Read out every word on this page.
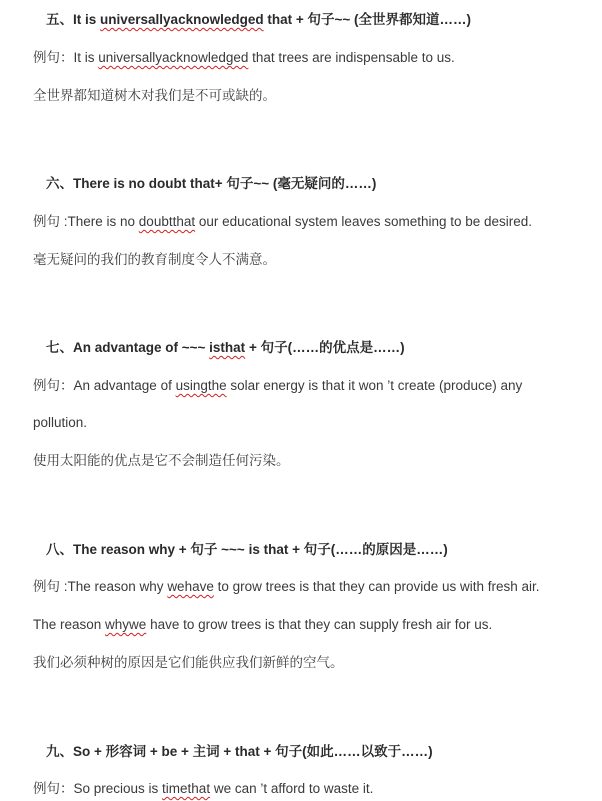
五、It is universallyacknowledged that + 句子~~ (全世界都知道……)
例句：It is universallyacknowledged that trees are indispensable to us.
全世界都知道树木对我们是不可或缺的。
六、There is no doubt that+ 句子~~ (毫无疑问的……)
例句 :There is no doubtthat our educational system leaves something to be desired.
毫无疑问的我们的教育制度令人不满意。
七、An advantage of ~~~ isthat + 句子(……的优点是……)
例句：An advantage of usingthe solar energy is that it won ’t create (produce) any
pollution.
使用太阳能的优点是它不会制造任何污染。
八、The reason why + 句子 ~~~ is that + 句子(……的原因是……)
例句 :The reason why wehave to grow trees is that they can provide us with fresh air.
The reason whywe have to grow trees is that they can supply fresh air for us.
我们必须种树的原因是它们能供应我们新鲜的空气。
九、So + 形容词 + be + 主词 + that + 句子(如此……以致于……)
例句：So precious is timethat we can ’t afford to waste it.
